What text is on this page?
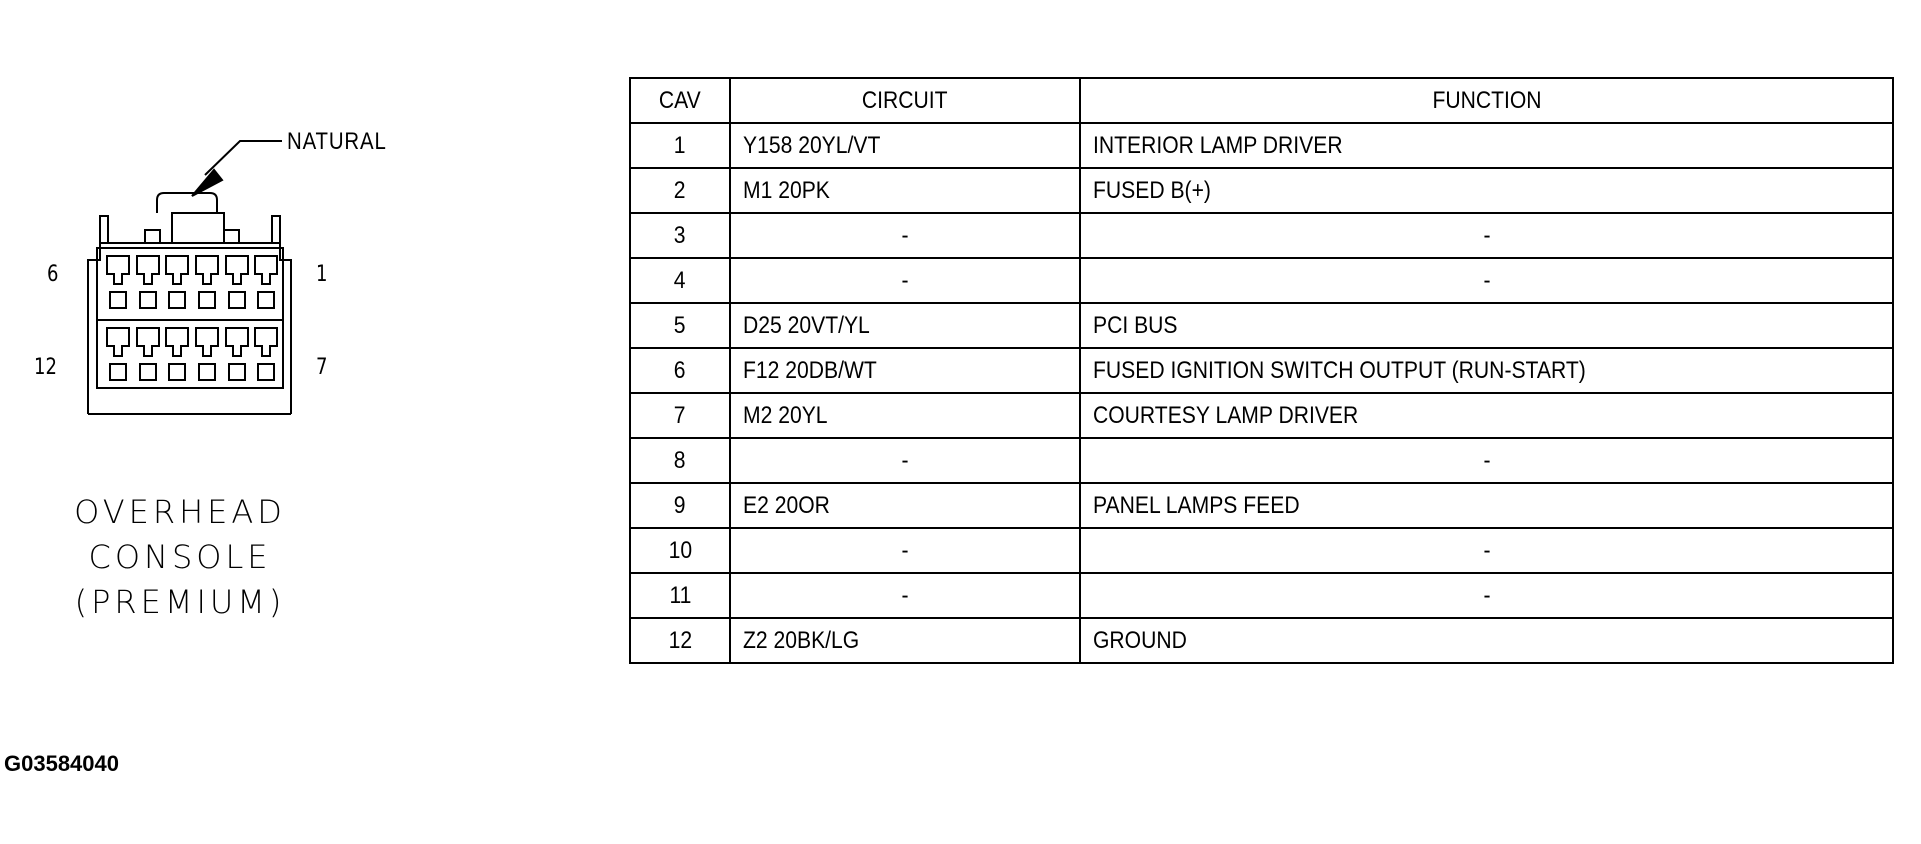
NATURAL
6	1
12	7
OVERHEAD
CONSOLE
(PREMIUM)
G03584040
CAV	CIRCUIT	FUNCTION
1	Y158 20YL/VT	INTERIOR LAMP DRIVER
2	M1 20PK	FUSED B(+)
3	-	-
4	-	-
5	D25 20VT/YL	PCI BUS
6	F12 20DB/WT	FUSED IGNITION SWITCH OUTPUT (RUN-START)
7	M2 20YL	COURTESY LAMP DRIVER
8	-	-
9	E2 20OR	PANEL LAMPS FEED
10	-	-
11	-	-
12	Z2 20BK/LG	GROUND
